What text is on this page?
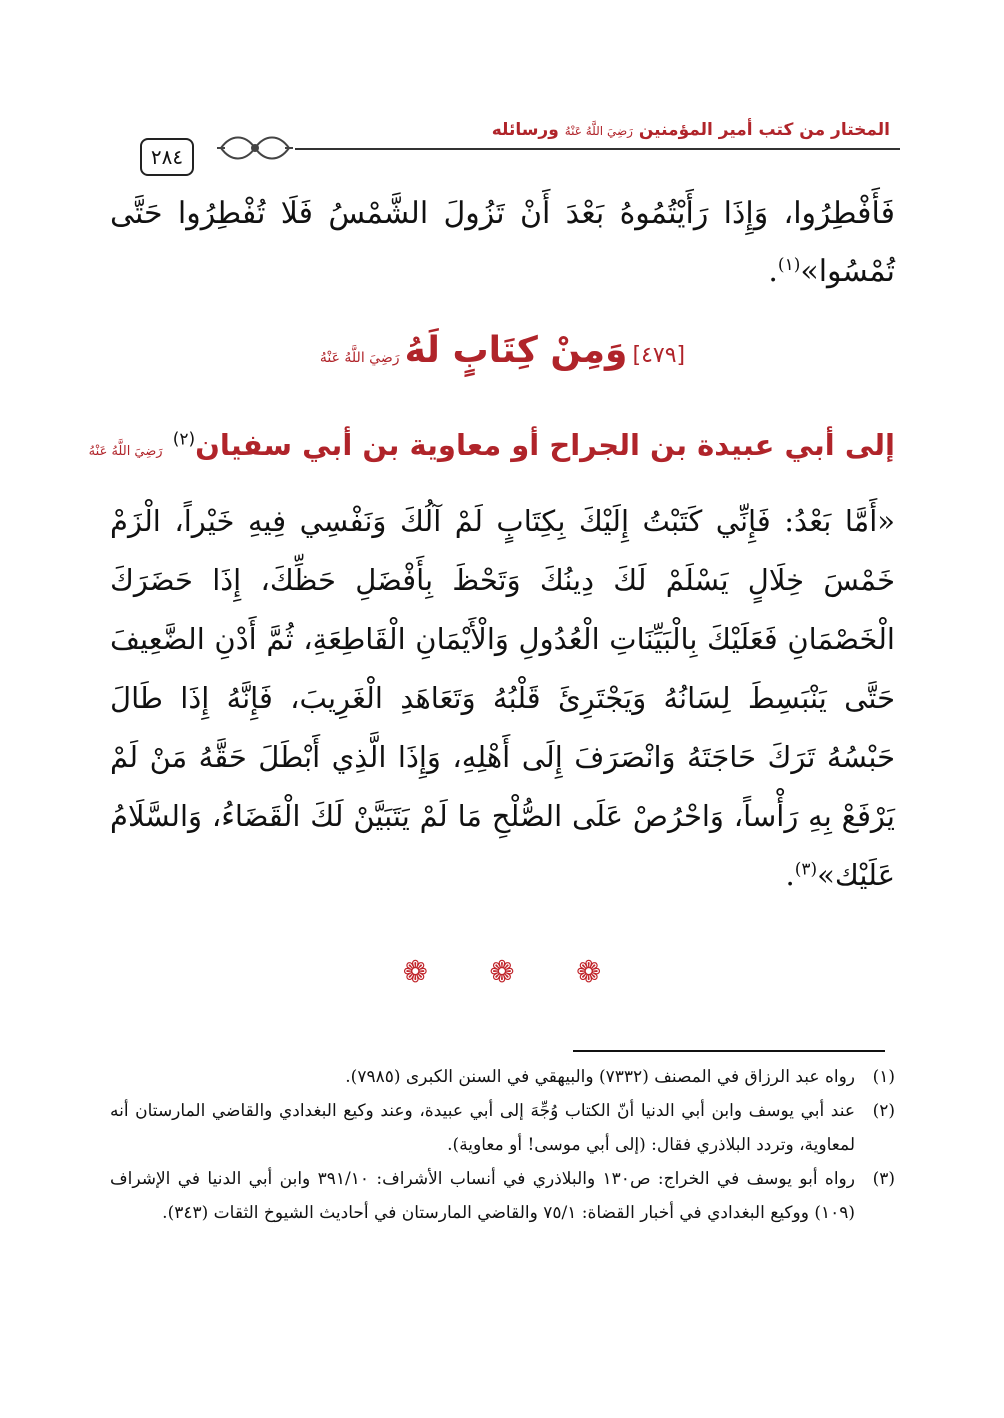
٢٨٤
المختار من كتب أمير المؤمنين رَضِيَ اللَّهُ عَنْهُ ورسائله
فَأَفْطِرُوا، وَإِذَا رَأَيْتُمُوهُ بَعْدَ أَنْ تَزُولَ الشَّمْسُ فَلَا تُفْطِرُوا حَتَّى تُمْسُوا»$^{(١)}$.
[٤٧٩] وَمِنْ كِتَابٍ لَهُ رَضِيَ اللَّهُ عَنْهُ
إلى أبي عبيدة بن الجراح أو معاوية بن أبي سفيان$^{(٢)}$ رَضِيَ اللَّهُ عَنْهُ
«أَمَّا بَعْدُ: فَإِنِّي كَتَبْتُ إِلَيْكَ بِكِتَابٍ لَمْ آلُكَ وَنَفْسِي فِيهِ خَيْراً، الْزَمْ خَمْسَ خِلَالٍ يَسْلَمْ لَكَ دِينُكَ وَتَحْظَ بِأَفْضَلِ حَظِّكَ، إِذَا حَضَرَكَ الْخَصْمَانِ فَعَلَيْكَ بِالْبَيِّنَاتِ الْعُدُولِ وَالْأَيْمَانِ الْقَاطِعَةِ، ثُمَّ أَدْنِ الضَّعِيفَ حَتَّى يَنْبَسِطَ لِسَانُهُ وَيَجْتَرِئَ قَلْبُهُ وَتَعَاهَدِ الْغَرِيبَ، فَإِنَّهُ إِذَا طَالَ حَبْسُهُ تَرَكَ حَاجَتَهُ وَانْصَرَفَ إِلَى أَهْلِهِ، وَإِذَا الَّذِي أَبْطَلَ حَقَّهُ مَنْ لَمْ يَرْفَعْ بِهِ رَأْساً، وَاحْرُصْ عَلَى الصُّلْحِ مَا لَمْ يَتَبَيَّنْ لَكَ الْقَضَاءُ، وَالسَّلَامُ عَلَيْك»$^{(٣)}$.
❁ ❁ ❁
(١)
رواه عبد الرزاق في المصنف (٧٣٣٢) والبيهقي في السنن الكبرى (٧٩٨٥).
(٢)
عند أبي يوسف وابن أبي الدنيا أنّ الكتاب وُجِّهَ إلى أبي عبيدة، وعند وكيع البغدادي والقاضي المارستان أنه لمعاوية، وتردد البلاذري فقال: (إلى أبي موسى! أو معاوية).
(٣)
رواه أبو يوسف في الخراج: ص١٣٠ والبلاذري في أنساب الأشراف: ٣٩١/١٠ وابن أبي الدنيا في الإشراف (١٠٩) ووكيع البغدادي في أخبار القضاة: ٧٥/١ والقاضي المارستان في أحاديث الشيوخ الثقات (٣٤٣).
